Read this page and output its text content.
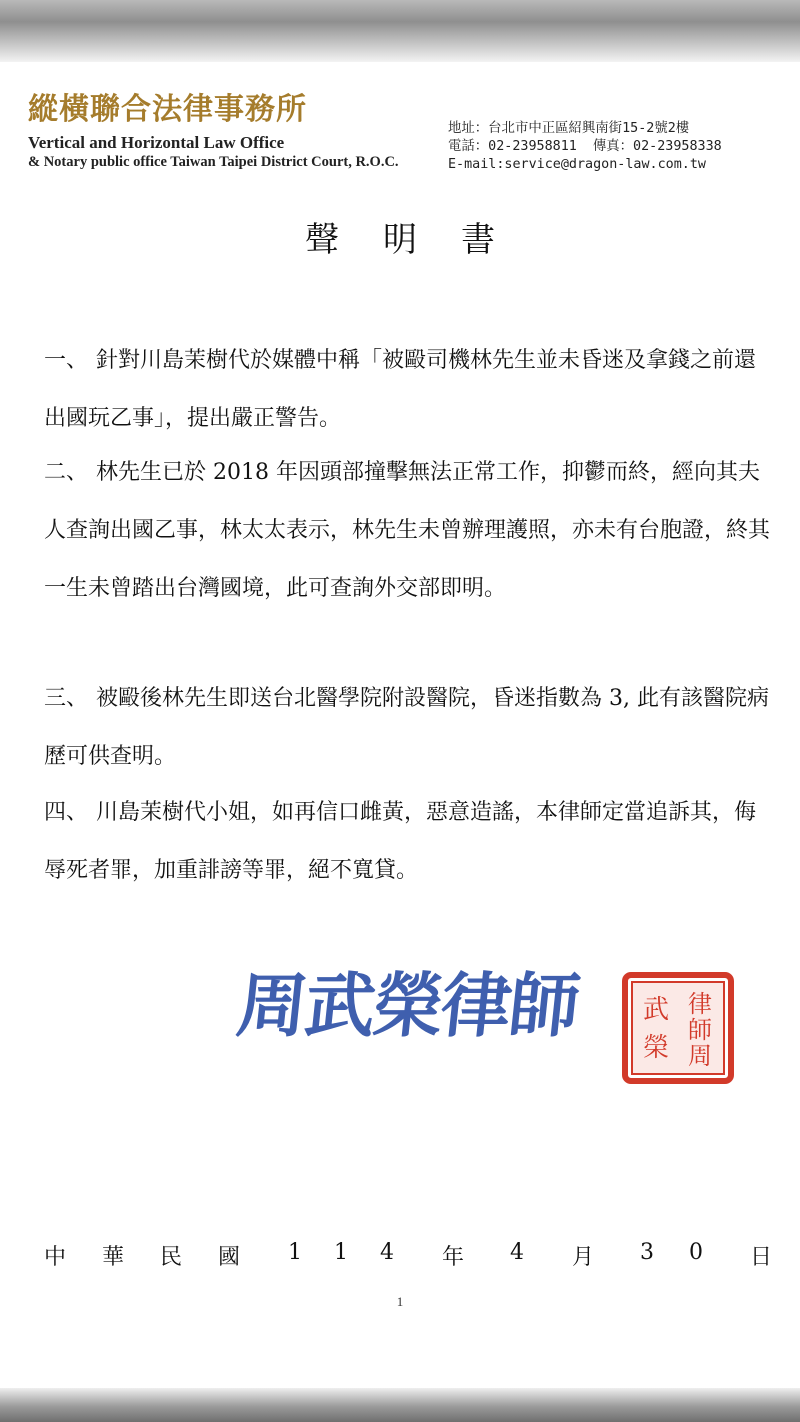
縱橫聯合法律事務所
Vertical and Horizontal Law Office
& Notary public office Taiwan Taipei District Court, R.O.C.
地址：台北市中正區紹興南街15-2號2樓
電話：02-23958811 傳真：02-23958338
E-mail:service@dragon-law.com.tw
聲明書
一、 針對川島茉樹代於媒體中稱「被毆司機林先生並未昏迷及拿錢之前還出國玩乙事」，提出嚴正警告。
二、 林先生已於 2018 年因頭部撞擊無法正常工作，抑鬱而終，經向其夫人查詢出國乙事，林太太表示，林先生未曾辦理護照，亦未有台胞證，終其一生未曾踏出台灣國境，此可查詢外交部即明。
三、 被毆後林先生即送台北醫學院附設醫院，昏迷指數為 3, 此有該醫院病歷可供查明。
四、 川島茉樹代小姐，如再信口雌黃，惡意造謠，本律師定當追訴其，侮辱死者罪，加重誹謗等罪，絕不寬貸。
周武榮律師	律
師
周
武
榮
中 華 民 國 1 1 4 年 4 月 3 0 日
1
